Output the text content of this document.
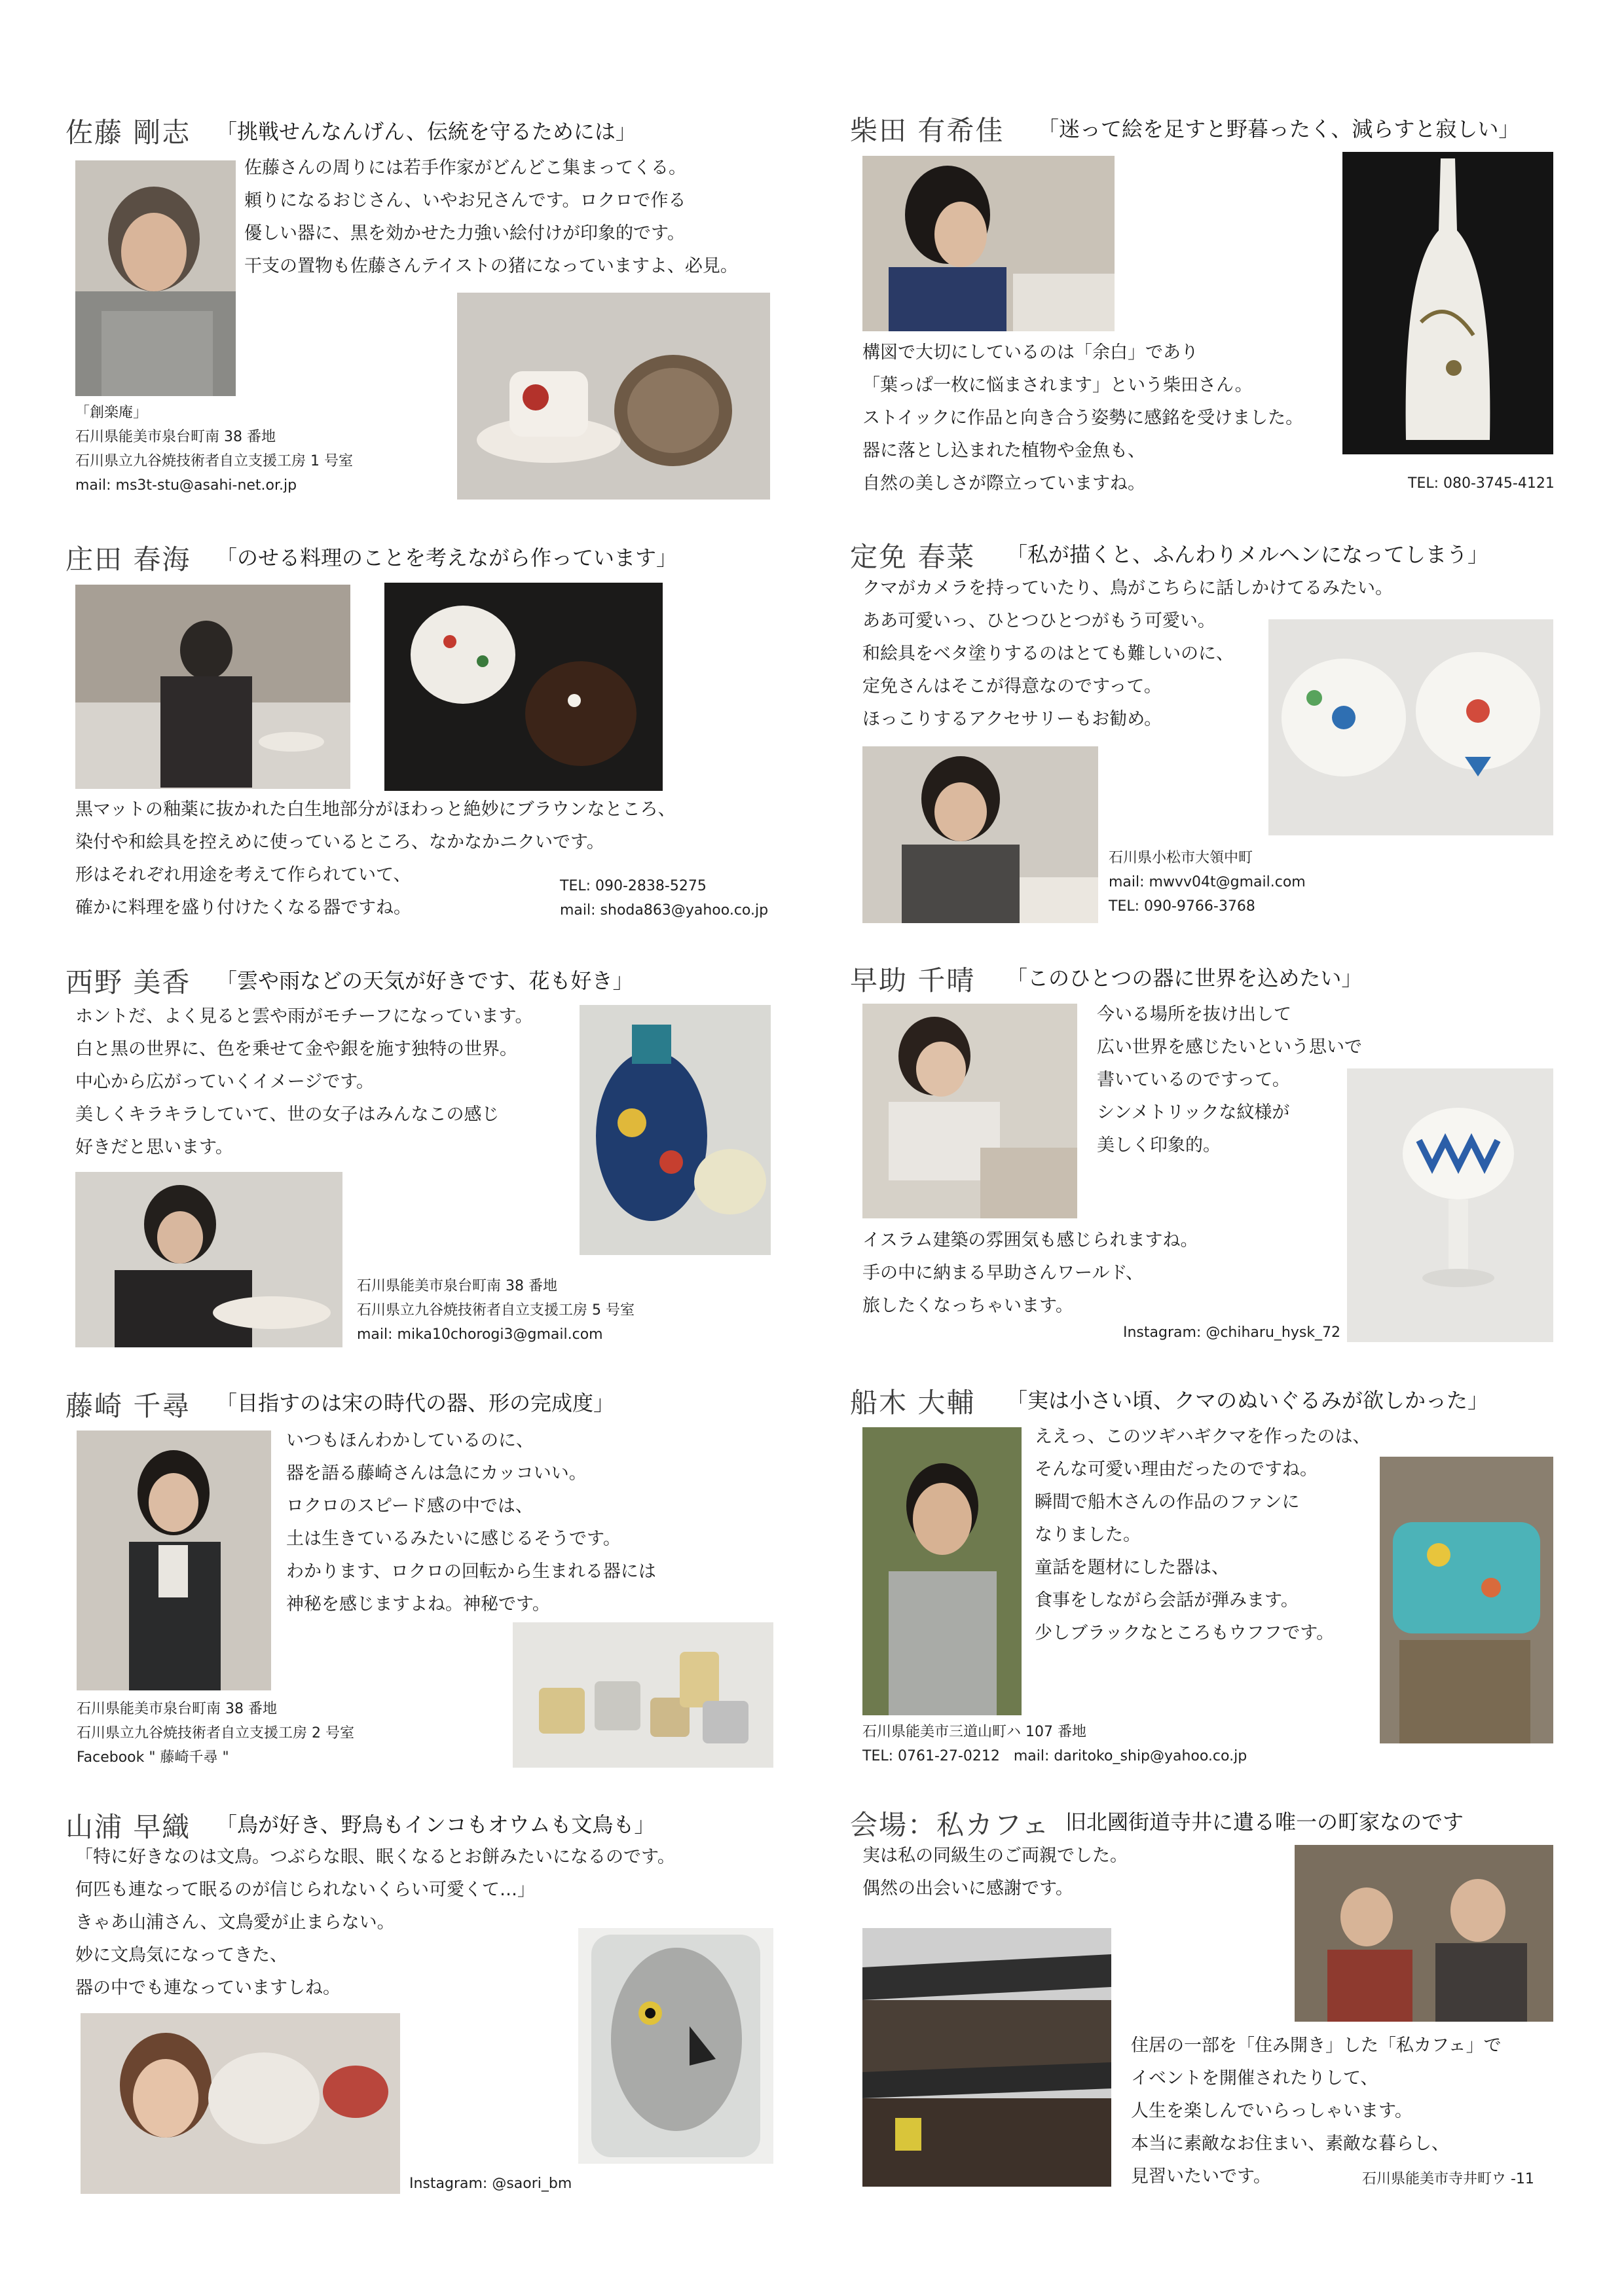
佐藤 剛志 「挑戦せんなんげん、伝統を守るためには」
佐藤さんの周りには若手作家がどんどこ集まってくる。
頼りになるおじさん、いやお兄さんです。ロクロで作る
優しい器に、黒を効かせた力強い絵付けが印象的です。
干支の置物も佐藤さんテイストの猪になっていますよ、必見。
「創楽庵」
石川県能美市泉台町南 38 番地
石川県立九谷焼技術者自立支援工房 1 号室
mail: ms3t-stu@asahi-net.or.jp
庄田 春海 「のせる料理のことを考えながら作っています」
黒マットの釉薬に抜かれた白生地部分がほわっと絶妙にブラウンなところ、
染付や和絵具を控えめに使っているところ、なかなかニクいです。
形はそれぞれ用途を考えて作られていて、
確かに料理を盛り付けたくなる器ですね。
TEL: 090-2838-5275
mail: shoda863@yahoo.co.jp
西野 美香 「雲や雨などの天気が好きです、花も好き」
ホントだ、よく見ると雲や雨がモチーフになっています。
白と黒の世界に、色を乗せて金や銀を施す独特の世界。
中心から広がっていくイメージです。
美しくキラキラしていて、世の女子はみんなこの感じ
好きだと思います。
石川県能美市泉台町南 38 番地
石川県立九谷焼技術者自立支援工房 5 号室
mail: mika10chorogi3@gmail.com
藤崎 千尋 「目指すのは宋の時代の器、形の完成度」
いつもほんわかしているのに、
器を語る藤崎さんは急にカッコいい。
ロクロのスピード感の中では、
土は生きているみたいに感じるそうです。
わかります、ロクロの回転から生まれる器には
神秘を感じますよね。神秘です。
石川県能美市泉台町南 38 番地
石川県立九谷焼技術者自立支援工房 2 号室
Facebook " 藤崎千尋 "
山浦 早織 「鳥が好き、野鳥もインコもオウムも文鳥も」
「特に好きなのは文鳥。つぶらな眼、眠くなるとお餅みたいになるのです。
何匹も連なって眠るのが信じられないくらい可愛くて…」
きゃあ山浦さん、文鳥愛が止まらない。
妙に文鳥気になってきた、
器の中でも連なっていますしね。
Instagram: @saori_bm
柴田 有希佳 「迷って絵を足すと野暮ったく、減らすと寂しい」
構図で大切にしているのは「余白」であり
「葉っぱ一枚に悩まされます」という柴田さん。
ストイックに作品と向き合う姿勢に感銘を受けました。
器に落とし込まれた植物や金魚も、
自然の美しさが際立っていますね。	TEL: 080-3745-4121
定免 春菜 「私が描くと、ふんわりメルヘンになってしまう」
クマがカメラを持っていたり、鳥がこちらに話しかけてるみたい。
ああ可愛いっ、ひとつひとつがもう可愛い。
和絵具をベタ塗りするのはとても難しいのに、
定免さんはそこが得意なのですって。
ほっこりするアクセサリーもお勧め。
石川県小松市大領中町
mail: mwvv04t@gmail.com
TEL: 090-9766-3768
早助 千晴 「このひとつの器に世界を込めたい」
今いる場所を抜け出して
広い世界を感じたいという思いで
書いているのですって。
シンメトリックな紋様が
美しく印象的。
イスラム建築の雰囲気も感じられますね。
手の中に納まる早助さんワールド、
旅したくなっちゃいます。
Instagram: @chiharu_hysk_72
船木 大輔 「実は小さい頃、クマのぬいぐるみが欲しかった」
ええっ、このツギハギクマを作ったのは、
そんな可愛い理由だったのですね。
瞬間で船木さんの作品のファンに
なりました。
童話を題材にした器は、
食事をしながら会話が弾みます。
少しブラックなところもウフフです。
石川県能美市三道山町ハ 107 番地
TEL: 0761-27-0212   mail: daritoko_ship@yahoo.co.jp
会場：私カフェ 旧北國街道寺井に遺る唯一の町家なのです
実は私の同級生のご両親でした。
偶然の出会いに感謝です。
住居の一部を「住み開き」した「私カフェ」で
イベントを開催されたりして、
人生を楽しんでいらっしゃいます。
本当に素敵なお住まい、素敵な暮らし、
見習いたいです。	石川県能美市寺井町ウ -11
